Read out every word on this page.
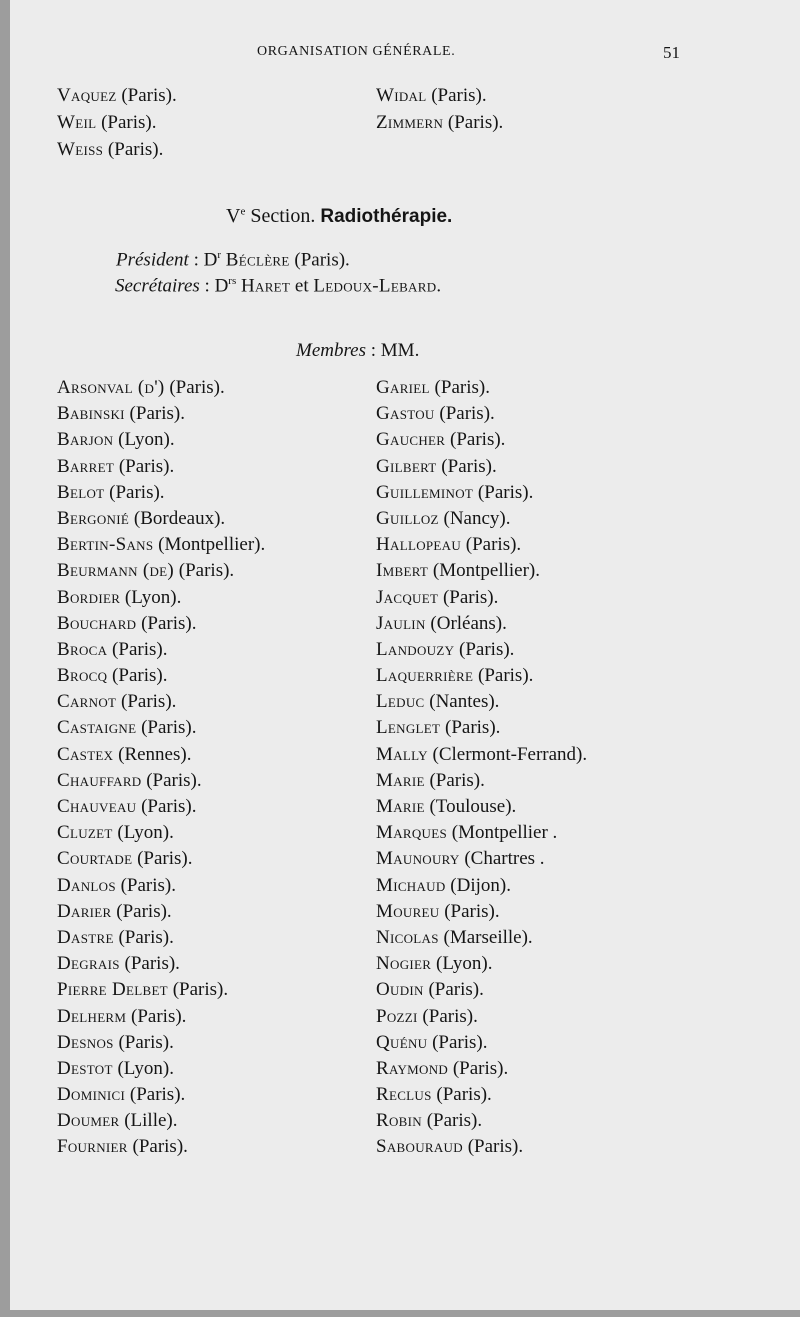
ORGANISATION GÉNÉRALE.	51
Vaquez (Paris).
Weil (Paris).
Weiss (Paris).
Widal (Paris).
Zimmern (Paris).
Ve Section. Radiothérapie.
Président : $D^r$ Béclère (Paris).
Secrétaires : $D^{rs}$ Haret et Ledoux-Lebard.
Membres : MM.
Arsonval (d') (Paris).
Babinski (Paris).
Barjon (Lyon).
Barret (Paris).
Belot (Paris).
Bergonié (Bordeaux).
Bertin-Sans (Montpellier).
Beurmann (de) (Paris).
Bordier (Lyon).
Bouchard (Paris).
Broca (Paris).
Brocq (Paris).
Carnot (Paris).
Castaigne (Paris).
Castex (Rennes).
Chauffard (Paris).
Chauveau (Paris).
Cluzet (Lyon).
Courtade (Paris).
Danlos (Paris).
Darier (Paris).
Dastre (Paris).
Degrais (Paris).
Pierre Delbet (Paris).
Delherm (Paris).
Desnos (Paris).
Destot (Lyon).
Dominici (Paris).
Doumer (Lille).
Fournier (Paris).
Gariel (Paris).
Gastou (Paris).
Gaucher (Paris).
Gilbert (Paris).
Guilleminot (Paris).
Guilloz (Nancy).
Hallopeau (Paris).
Imbert (Montpellier).
Jacquet (Paris).
Jaulin (Orléans).
Landouzy (Paris).
Laquerrière (Paris).
Leduc (Nantes).
Lenglet (Paris).
Mally (Clermont-Ferrand).
Marie (Paris).
Marie (Toulouse).
Marques (Montpellier .
Maunoury (Chartres .
Michaud (Dijon).
Moureu (Paris).
Nicolas (Marseille).
Nogier (Lyon).
Oudin (Paris).
Pozzi (Paris).
Quénu (Paris).
Raymond (Paris).
Reclus (Paris).
Robin (Paris).
Sabouraud (Paris).
